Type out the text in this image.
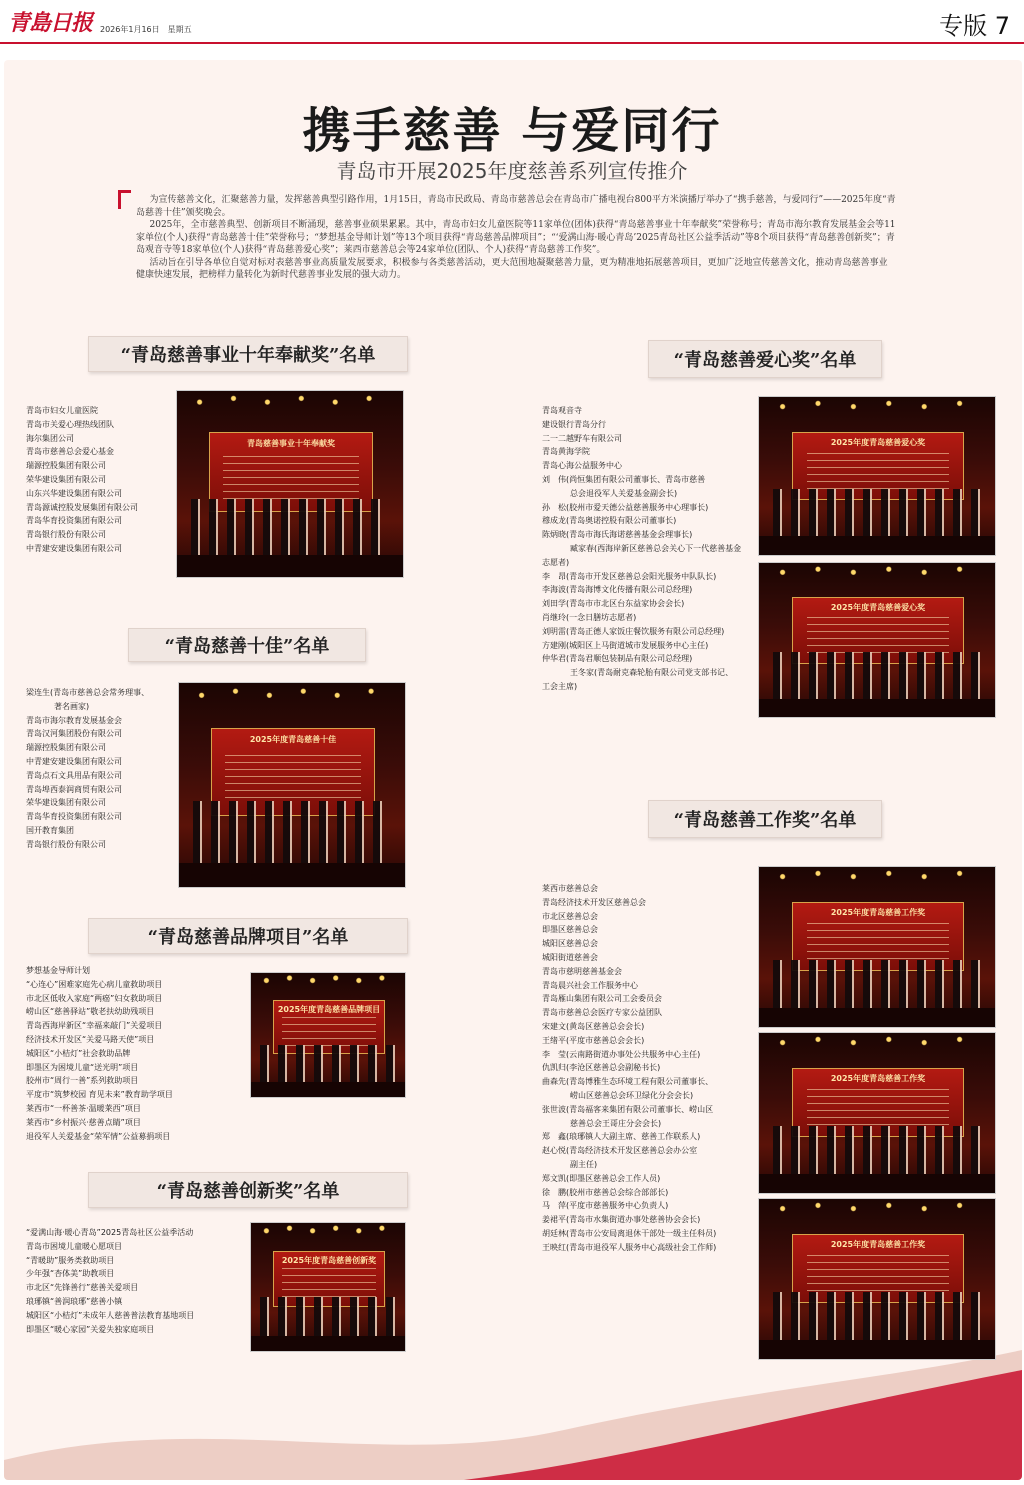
青島日报 2026年1月16日　星期五	专版 7
携手慈善 与爱同行
青岛市开展2025年度慈善系列宣传推介

为宣传慈善文化，汇聚慈善力量，发挥慈善典型引路作用，1月15日，青岛市民政局、青岛市慈善总会在青岛市广播电视台800平方米演播厅举办了“携手慈善，与爱同行”——2025年度“青岛慈善十佳”颁奖晚会。

2025年，全市慈善典型、创新项目不断涌现，慈善事业硕果累累。其中，青岛市妇女儿童医院等11家单位(团体)获得“青岛慈善事业十年奉献奖”荣誉称号；青岛市海尔教育发展基金会等11家单位(个人)获得“青岛慈善十佳”荣誉称号；“梦想基金导师计划”等13个项目获得“青岛慈善品牌项目”；“‘爱满山海·暖心青岛’2025青岛社区公益季活动”等8个项目获得“青岛慈善创新奖”；青岛观音寺等18家单位(个人)获得“青岛慈善爱心奖”；莱西市慈善总会等24家单位(团队、个人)获得“青岛慈善工作奖”。

活动旨在引导各单位自觉对标对表慈善事业高质量发展要求，积极参与各类慈善活动，更大范围地凝聚慈善力量，更为精准地拓展慈善项目，更加广泛地宣传慈善文化，推动青岛慈善事业健康快速发展，把榜样力量转化为新时代慈善事业发展的强大动力。

“青岛慈善事业十年奉献奖”名单
青岛市妇女儿童医院
青岛市关爱心理热线团队
海尔集团公司
青岛市慈善总会爱心基金
瑞源控股集团有限公司
荣华建设集团有限公司
山东兴华建设集团有限公司
青岛源诚控股发展集团有限公司
青岛华育投资集团有限公司
青岛银行股份有限公司
中青建安建设集团有限公司
青岛慈善事业十年奉献奖
“青岛慈善十佳”名单
梁连生(青岛市慈善总会常务理事、
著名画家)
青岛市海尔教育发展基金会
青岛汉河集团股份有限公司
瑞源控股集团有限公司
中青建安建设集团有限公司
青岛点石文具用品有限公司
青岛埠西泰润商贸有限公司
荣华建设集团有限公司
青岛华育投资集团有限公司
国开教育集团
青岛银行股份有限公司
2025年度青岛慈善十佳
“青岛慈善品牌项目”名单
梦想基金导师计划
“心连心”困难家庭先心病儿童救助项目
市北区低收入家庭“两癌”妇女救助项目
崂山区“慈善驿站”敬老扶幼助残项目
青岛西海岸新区“幸福来敲门”关爱项目
经济技术开发区“关爱马路天使”项目
城阳区“小桔灯”社会救助品牌
即墨区为困境儿童“送光明”项目
胶州市“周行一善”系列救助项目
平度市“筑梦校园 育见未来”教育助学项目
莱西市“一杯善茶·温暖莱西”项目
莱西市“乡村振兴·慈善点睛”项目
退役军人关爱基金“荣军情”公益募捐项目
2025年度青岛慈善品牌项目
“青岛慈善创新奖”名单
“爱满山海·暖心青岛”2025青岛社区公益季活动
青岛市困境儿童暖心愿项目
“青暖助”服务类救助项目
少年强“杏体美”助教项目
市北区“先锋善行”慈善关爱项目
琅琊镇“善润琅琊”慈善小镇
城阳区“小桔灯”未成年人慈善普法教育基地项目
即墨区“暖心家园”关爱失独家庭项目
2025年度青岛慈善创新奖
“青岛慈善爱心奖”名单
青岛观音寺
建设银行青岛分行
二一二越野车有限公司
青岛黄海学院
青岛心海公益服务中心
刘　伟(尚恒集团有限公司董事长、青岛市慈善
总会退役军人关爱基金副会长)
孙　松(胶州市爱天德公益慈善服务中心理事长)
穆成龙(青岛奥诺控股有限公司董事长)
陈炳晓(青岛市海氏海诺慈善基金会理事长)
臧家春(西海岸新区慈善总会关心下一代慈善基金
志愿者)
李　昂(青岛市开发区慈善总会阳光服务中队队长)
李海波(青岛海博文化传播有限公司总经理)
刘田学(青岛市市北区台东益家协会会长)
肖继玲(一念日膳坊志愿者)
刘明雷(青岛正德人家饭庄餐饮服务有限公司总经理)
方建刚(城阳区上马街道城市发展服务中心主任)
仲华君(青岛君顺包装制品有限公司总经理)
王冬家(青岛耐克森轮胎有限公司党支部书记、
工会主席)
2025年度青岛慈善爱心奖
2025年度青岛慈善爱心奖
“青岛慈善工作奖”名单
莱西市慈善总会
青岛经济技术开发区慈善总会
市北区慈善总会
即墨区慈善总会
城阳区慈善总会
城阳街道慈善会
青岛市慈明慈善基金会
青岛晨兴社会工作服务中心
青岛雁山集团有限公司工会委员会
青岛市慈善总会医疗专家公益团队
宋建文(黄岛区慈善总会会长)
王绪平(平度市慈善总会会长)
李　莹(云南路街道办事处公共服务中心主任)
仇凯归(李沧区慈善总会副秘书长)
曲森先(青岛博雅生态环境工程有限公司董事长、
崂山区慈善总会环卫绿化分会会长)
张世波(青岛福客来集团有限公司董事长、崂山区
慈善总会王哥庄分会会长)
郑　鑫(琅琊镇人大副主席、慈善工作联系人)
赵心悦(青岛经济技术开发区慈善总会办公室
副主任)
郑文凯(即墨区慈善总会工作人员)
徐　鹏(胶州市慈善总会综合部部长)
马　萍(平度市慈善服务中心负责人)
姜裙平(青岛市水集街道办事处慈善协会会长)
胡廷林(青岛市公安局离退休干部处一级主任科员)
王映红(青岛市退役军人服务中心高级社会工作师)
2025年度青岛慈善工作奖
2025年度青岛慈善工作奖
2025年度青岛慈善工作奖
